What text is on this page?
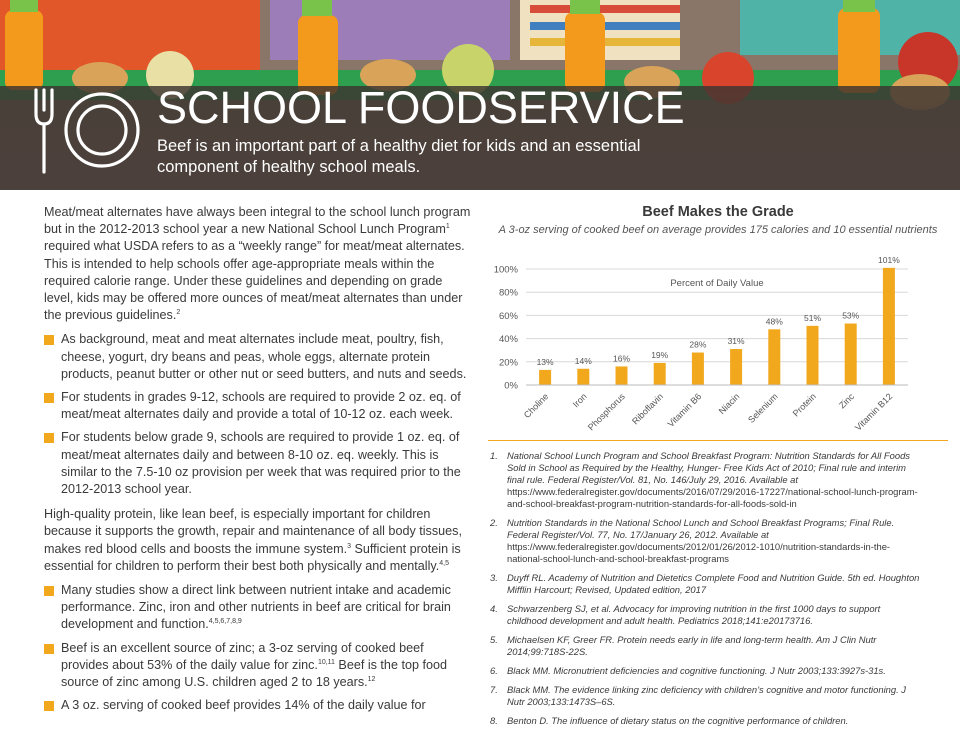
SCHOOL FOODSERVICE

Beef is an important part of a healthy diet for kids and an essential component of healthy school meals.

Meat/meat alternates have always been integral to the school lunch program but in the 2012-2013 school year a new National School Lunch Program$^1$ required what USDA refers to as a “weekly range” for meat/meat alternates. This is intended to help schools offer age-appropriate meals within the required calorie range. Under these guidelines and depending on grade level, kids may be offered more ounces of meat/meat alternates than under the previous guidelines.$^2$

As background, meat and meat alternates include meat, poultry, fish, cheese, yogurt, dry beans and peas, whole eggs, alternate protein products, peanut butter or other nut or seed butters, and nuts and seeds.
For students in grades 9-12, schools are required to provide 2 oz. eq. of meat/meat alternates daily and provide a total of 10-12 oz. each week.
For students below grade 9, schools are required to provide 1 oz. eq. of meat/meat alternates daily and between 8-10 oz. eq. weekly. This is similar to the 7.5-10 oz provision per week that was required prior to the 2012-2013 school year.

High-quality protein, like lean beef, is especially important for children because it supports the growth, repair and maintenance of all body tissues, makes red blood cells and boosts the immune system.$^3$ Sufficient protein is essential for children to perform their best both physically and mentally.$^{4,5}$

Many studies show a direct link between nutrient intake and academic performance. Zinc, iron and other nutrients in beef are critical for brain development and function.$^{4,5,6,7,8,9}$
Beef is an excellent source of zinc; a 3-oz serving of cooked beef provides about 53% of the daily value for zinc.$^{10,11}$ Beef is the top food source of zinc among U.S. children aged 2 to 18 years.$^{12}$
A 3 oz. serving of cooked beef provides 14% of the daily value for
0%
20%
40%
60%
80%
100%
Percent of Daily Value
13%
Choline
14%
Iron
16%
Phosphorus
19%
Riboflavin
28%
Vitamin B6
31%
Niacin
48%
Selenium
51%
Protein
53%
Zinc
101%
Vitamin B12
Beef Makes the Grade

A 3-oz serving of cooked beef on average provides 175 calories and 10 essential nutrients

1. National School Lunch Program and School Breakfast Program: Nutrition Standards for All Foods Sold in School as Required by the Healthy, Hunger- Free Kids Act of 2010; Final rule and interim final rule. Federal Register/Vol. 81, No. 146/July 29, 2016. Available at https://www.federalregister.gov/documents/2016/07/29/2016-17227/national-school-lunch-program-and-school-breakfast-program-nutrition-standards-for-all-foods-sold-in
2. Nutrition Standards in the National School Lunch and School Breakfast Programs; Final Rule. Federal Register/Vol. 77, No. 17/January 26, 2012. Available at https://www.federalregister.gov/documents/2012/01/26/2012-1010/nutrition-standards-in-the-national-school-lunch-and-school-breakfast-programs
3. Duyff RL. Academy of Nutrition and Dietetics Complete Food and Nutrition Guide. 5th ed. Houghton Mifflin Harcourt; Revised, Updated edition, 2017
4. Schwarzenberg SJ, et al. Advocacy for improving nutrition in the first 1000 days to support childhood development and adult health. Pediatrics 2018;141:e20173716.
5. Michaelsen KF, Greer FR. Protein needs early in life and long-term health. Am J Clin Nutr 2014;99:718S-22S.
6. Black MM. Micronutrient deficiencies and cognitive functioning. J Nutr 2003;133:3927s-31s.
7. Black MM. The evidence linking zinc deficiency with children’s cognitive and motor functioning. J Nutr 2003;133:1473S–6S.
8. Benton D. The influence of dietary status on the cognitive performance of children.
